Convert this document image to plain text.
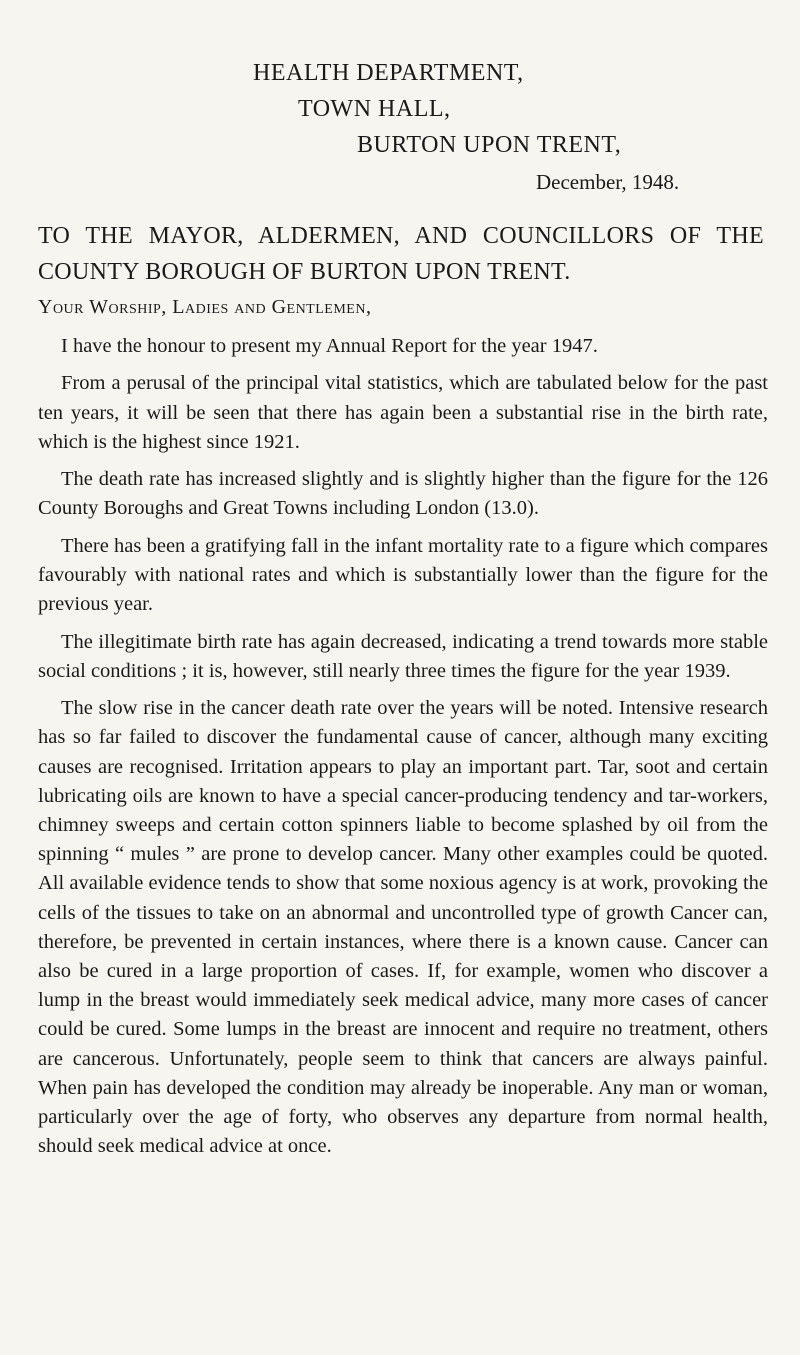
HEALTH DEPARTMENT,
TOWN HALL,
BURTON UPON TRENT,
December, 1948.
TO THE MAYOR, ALDERMEN, AND COUNCILLORS OF THE COUNTY BOROUGH OF BURTON UPON TRENT.
Your Worship, Ladies and Gentlemen,

I have the honour to present my Annual Report for the year 1947.

From a perusal of the principal vital statistics, which are tabulated below for the past ten years, it will be seen that there has again been a substantial rise in the birth rate, which is the highest since 1921.

The death rate has increased slightly and is slightly higher than the figure for the 126 County Boroughs and Great Towns including London (13.0).

There has been a gratifying fall in the infant mortality rate to a figure which compares favourably with national rates and which is substantially lower than the figure for the previous year.

The illegitimate birth rate has again decreased, indicating a trend towards more stable social conditions ; it is, however, still nearly three times the figure for the year 1939.

The slow rise in the cancer death rate over the years will be noted. Intensive research has so far failed to discover the fundamental cause of cancer, although many exciting causes are recognised. Irritation appears to play an important part. Tar, soot and certain lubricating oils are known to have a special cancer-producing tendency and tar-workers, chimney sweeps and certain cotton spinners liable to become splashed by oil from the spinning “ mules ” are prone to develop cancer. Many other examples could be quoted. All available evidence tends to show that some noxious agency is at work, provoking the cells of the tissues to take on an abnormal and uncontrolled type of growth Cancer can, therefore, be prevented in certain instances, where there is a known cause. Cancer can also be cured in a large proportion of cases. If, for example, women who discover a lump in the breast would immediately seek medical advice, many more cases of cancer could be cured. Some lumps in the breast are innocent and require no treatment, others are cancerous. Unfortunately, people seem to think that cancers are always painful. When pain has developed the condition may already be inoperable. Any man or woman, particularly over the age of forty, who observes any departure from normal health, should seek medical advice at once.
